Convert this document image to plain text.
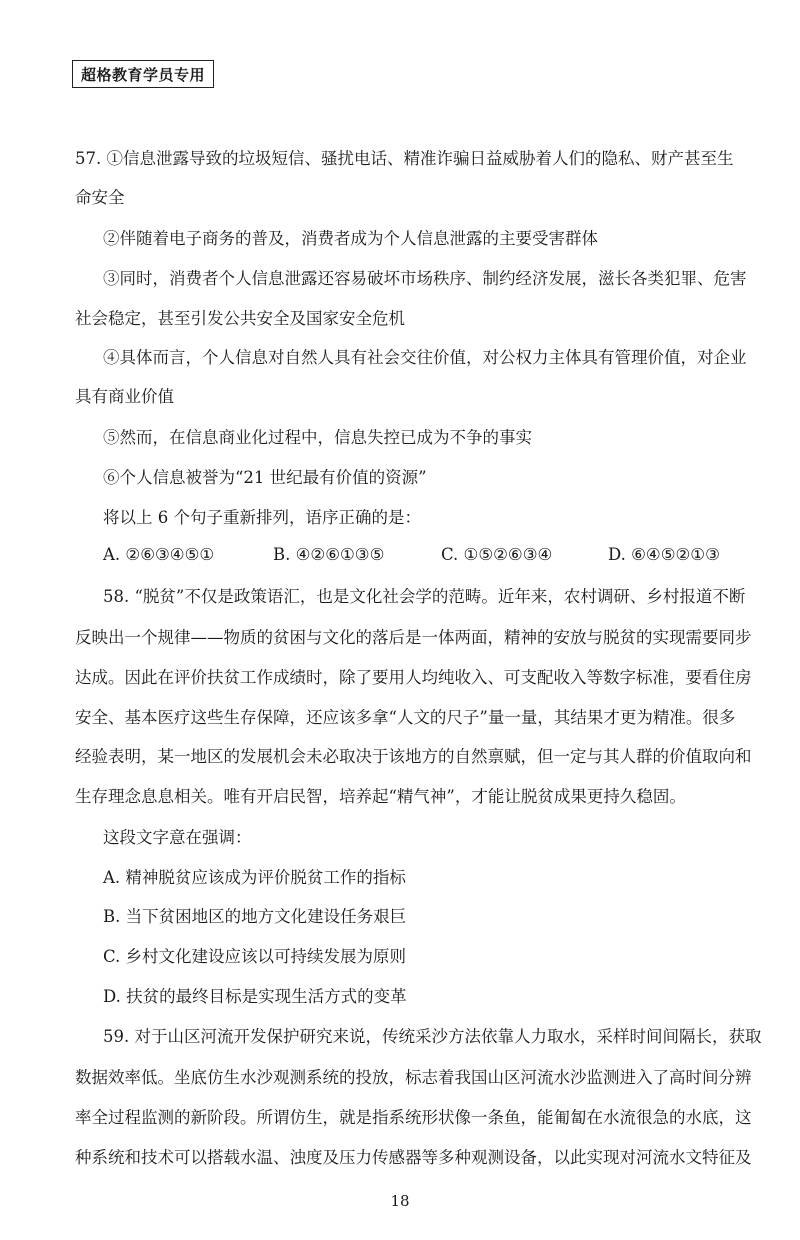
超格教育学员专用
57. ①信息泄露导致的垃圾短信、骚扰电话、精准诈骗日益威胁着人们的隐私、财产甚至生
命安全
②伴随着电子商务的普及，消费者成为个人信息泄露的主要受害群体
③同时，消费者个人信息泄露还容易破坏市场秩序、制约经济发展，滋长各类犯罪、危害
社会稳定，甚至引发公共安全及国家安全危机
④具体而言，个人信息对自然人具有社会交往价值，对公权力主体具有管理价值，对企业
具有商业价值
⑤然而，在信息商业化过程中，信息失控已成为不争的事实
⑥个人信息被誉为“21 世纪最有价值的资源”
将以上 6 个句子重新排列，语序正确的是：
A. ②⑥③④⑤①	B. ④②⑥①③⑤	C. ①⑤②⑥③④	D. ⑥④⑤②①③
58. “脱贫”不仅是政策语汇，也是文化社会学的范畴。近年来，农村调研、乡村报道不断
反映出一个规律——物质的贫困与文化的落后是一体两面，精神的安放与脱贫的实现需要同步
达成。因此在评价扶贫工作成绩时，除了要用人均纯收入、可支配收入等数字标准，要看住房
安全、基本医疗这些生存保障，还应该多拿“人文的尺子”量一量，其结果才更为精准。很多
经验表明，某一地区的发展机会未必取决于该地方的自然禀赋，但一定与其人群的价值取向和
生存理念息息相关。唯有开启民智，培养起“精气神”，才能让脱贫成果更持久稳固。
这段文字意在强调：
A. 精神脱贫应该成为评价脱贫工作的指标
B. 当下贫困地区的地方文化建设任务艰巨
C. 乡村文化建设应该以可持续发展为原则
D. 扶贫的最终目标是实现生活方式的变革
59. 对于山区河流开发保护研究来说，传统采沙方法依靠人力取水，采样时间间隔长，获取
数据效率低。坐底仿生水沙观测系统的投放，标志着我国山区河流水沙监测进入了高时间分辨
率全过程监测的新阶段。所谓仿生，就是指系统形状像一条鱼，能匍匐在水流很急的水底，这
种系统和技术可以搭载水温、浊度及压力传感器等多种观测设备，以此实现对河流水文特征及
18
